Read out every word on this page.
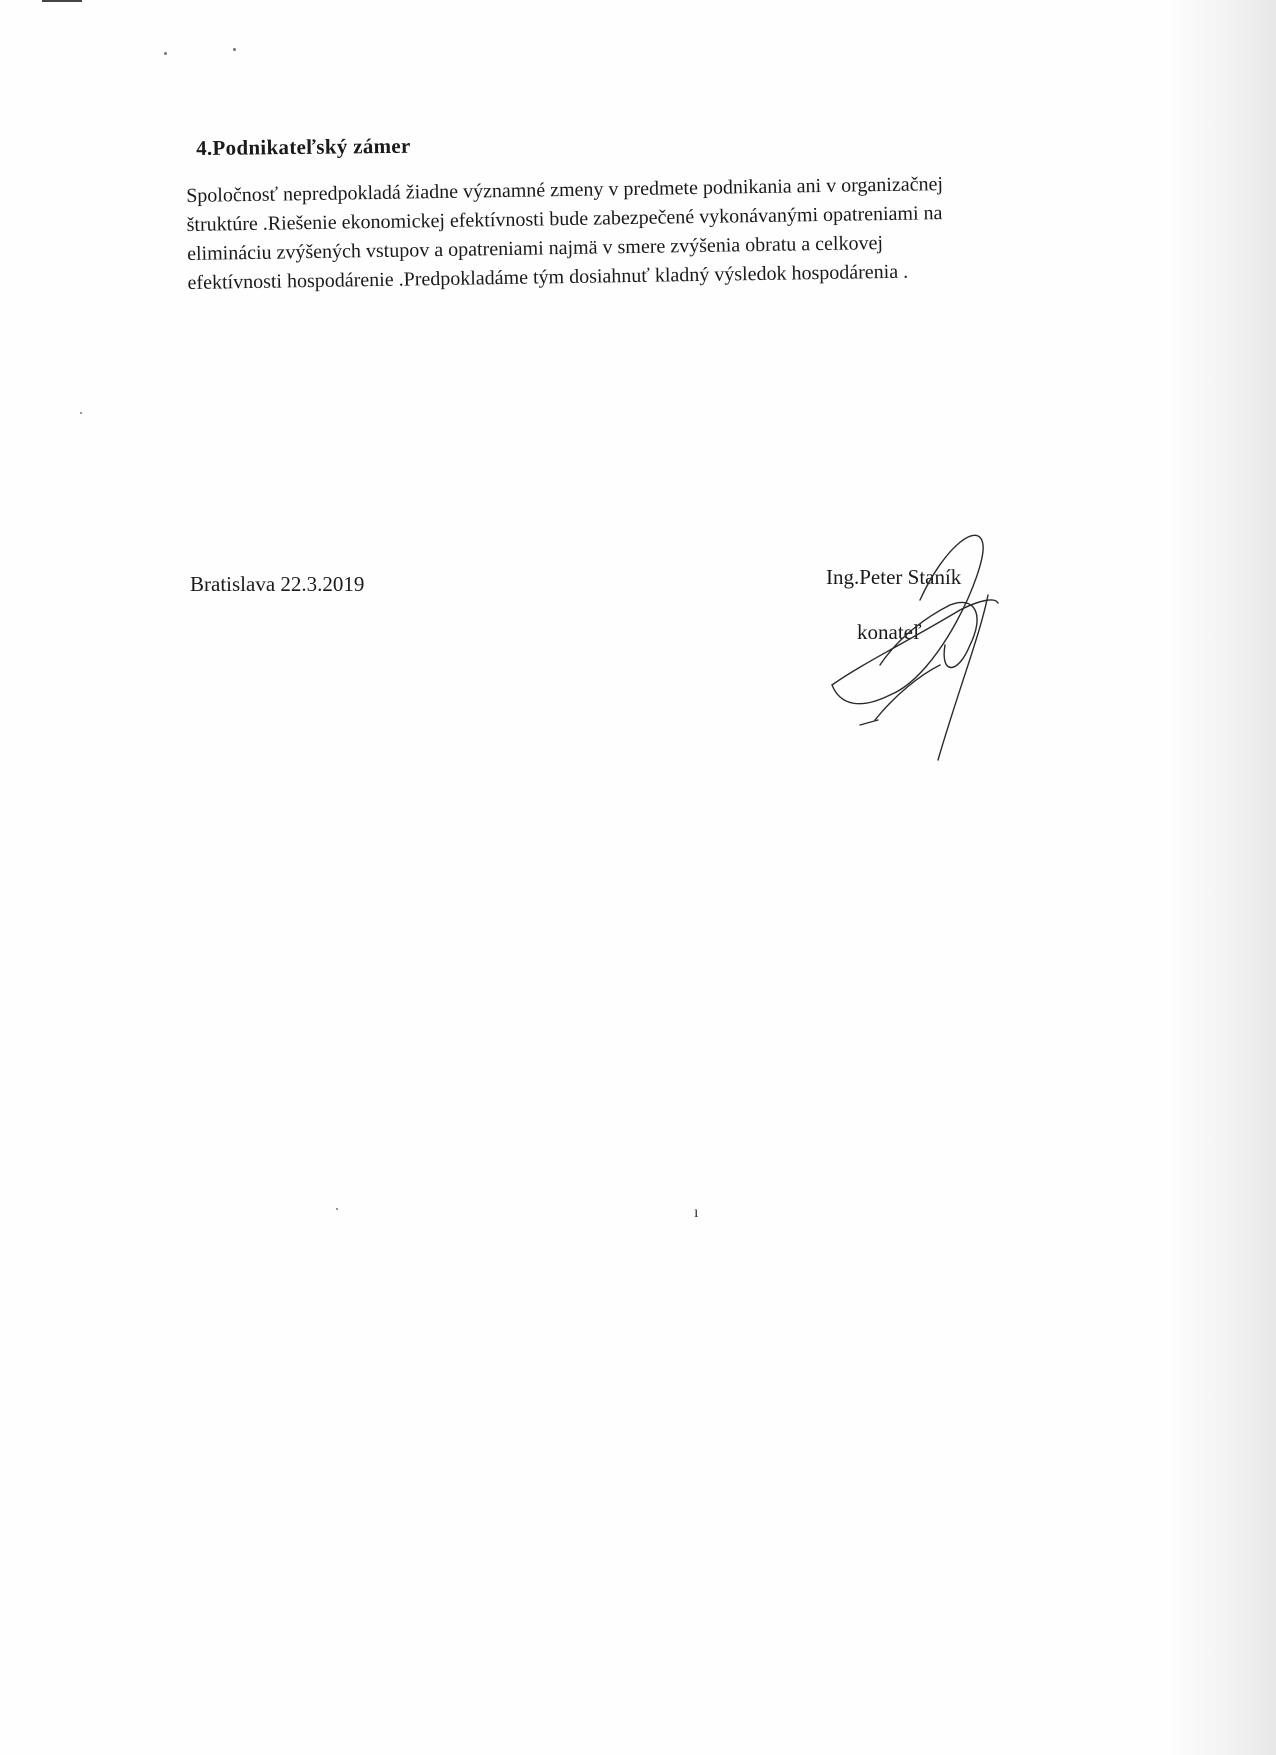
4.Podnikateľský zámer

Spoločnosť nepredpokladá žiadne významné zmeny v predmete podnikania ani v organizačnej
štruktúre .Riešenie ekonomickej efektívnosti bude zabezpečené vykonávanými opatreniami na
elimináciu zvýšených vstupov a opatreniami najmä v smere zvýšenia obratu a celkovej
efektívnosti hospodárenie .Predpokladáme tým dosiahnuť kladný výsledok hospodárenia .

Bratislava 22.3.2019	Ing.Peter Staník
konateľ
ı
